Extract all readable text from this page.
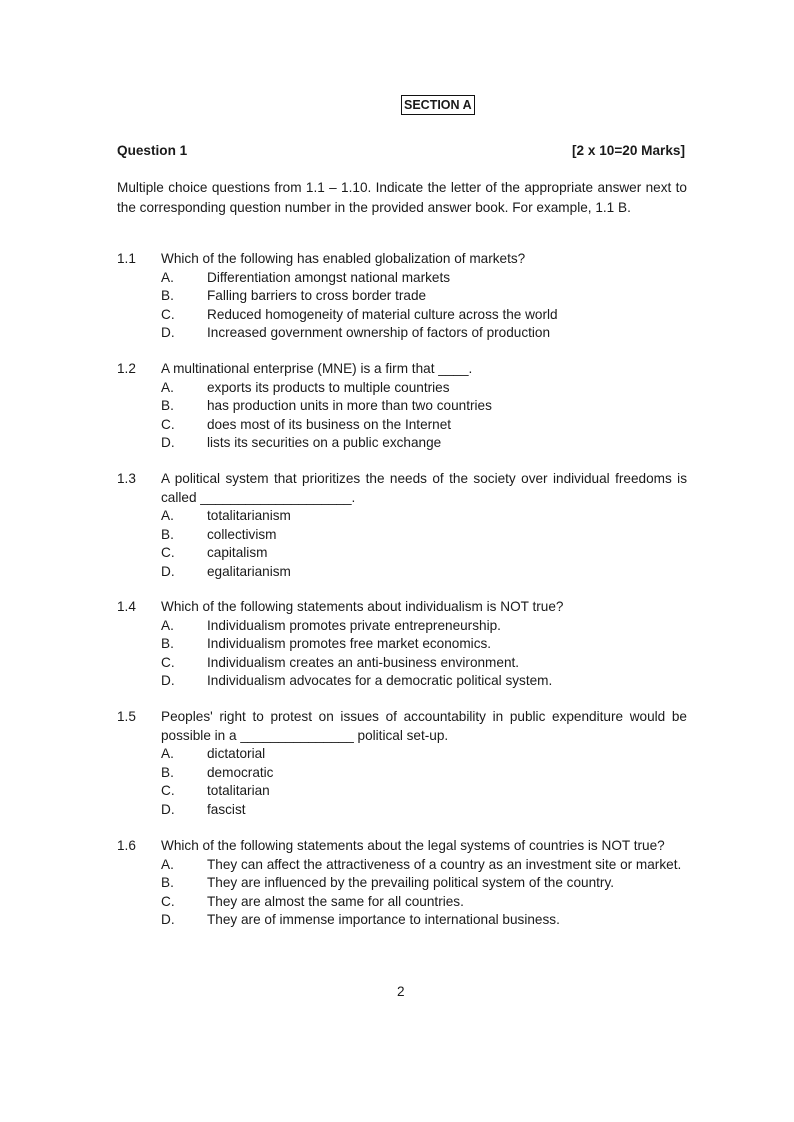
SECTION A
Question 1	[2 x 10=20 Marks]
Multiple choice questions from 1.1 – 1.10. Indicate the letter of the appropriate answer next to the corresponding question number in the provided answer book. For example, 1.1 B.
1.1	Which of the following has enabled globalization of markets?
A.	Differentiation amongst national markets
B.	Falling barriers to cross border trade
C.	Reduced homogeneity of material culture across the world
D.	Increased government ownership of factors of production
1.2	A multinational enterprise (MNE) is a firm that ____.
A.	exports its products to multiple countries
B.	has production units in more than two countries
C.	does most of its business on the Internet
D.	lists its securities on a public exchange
1.3	A political system that prioritizes the needs of the society over individual freedoms is called ____________________.
A.	totalitarianism
B.	collectivism
C.	capitalism
D.	egalitarianism
1.4	Which of the following statements about individualism is NOT true?
A.	Individualism promotes private entrepreneurship.
B.	Individualism promotes free market economics.
C.	Individualism creates an anti-business environment.
D.	Individualism advocates for a democratic political system.
1.5	Peoples' right to protest on issues of accountability in public expenditure would be possible in a _______________ political set-up.
A.	dictatorial
B.	democratic
C.	totalitarian
D.	fascist
1.6	Which of the following statements about the legal systems of countries is NOT true?
A.	They can affect the attractiveness of a country as an investment site or market.
B.	They are influenced by the prevailing political system of the country.
C.	They are almost the same for all countries.
D.	They are of immense importance to international business.
2
